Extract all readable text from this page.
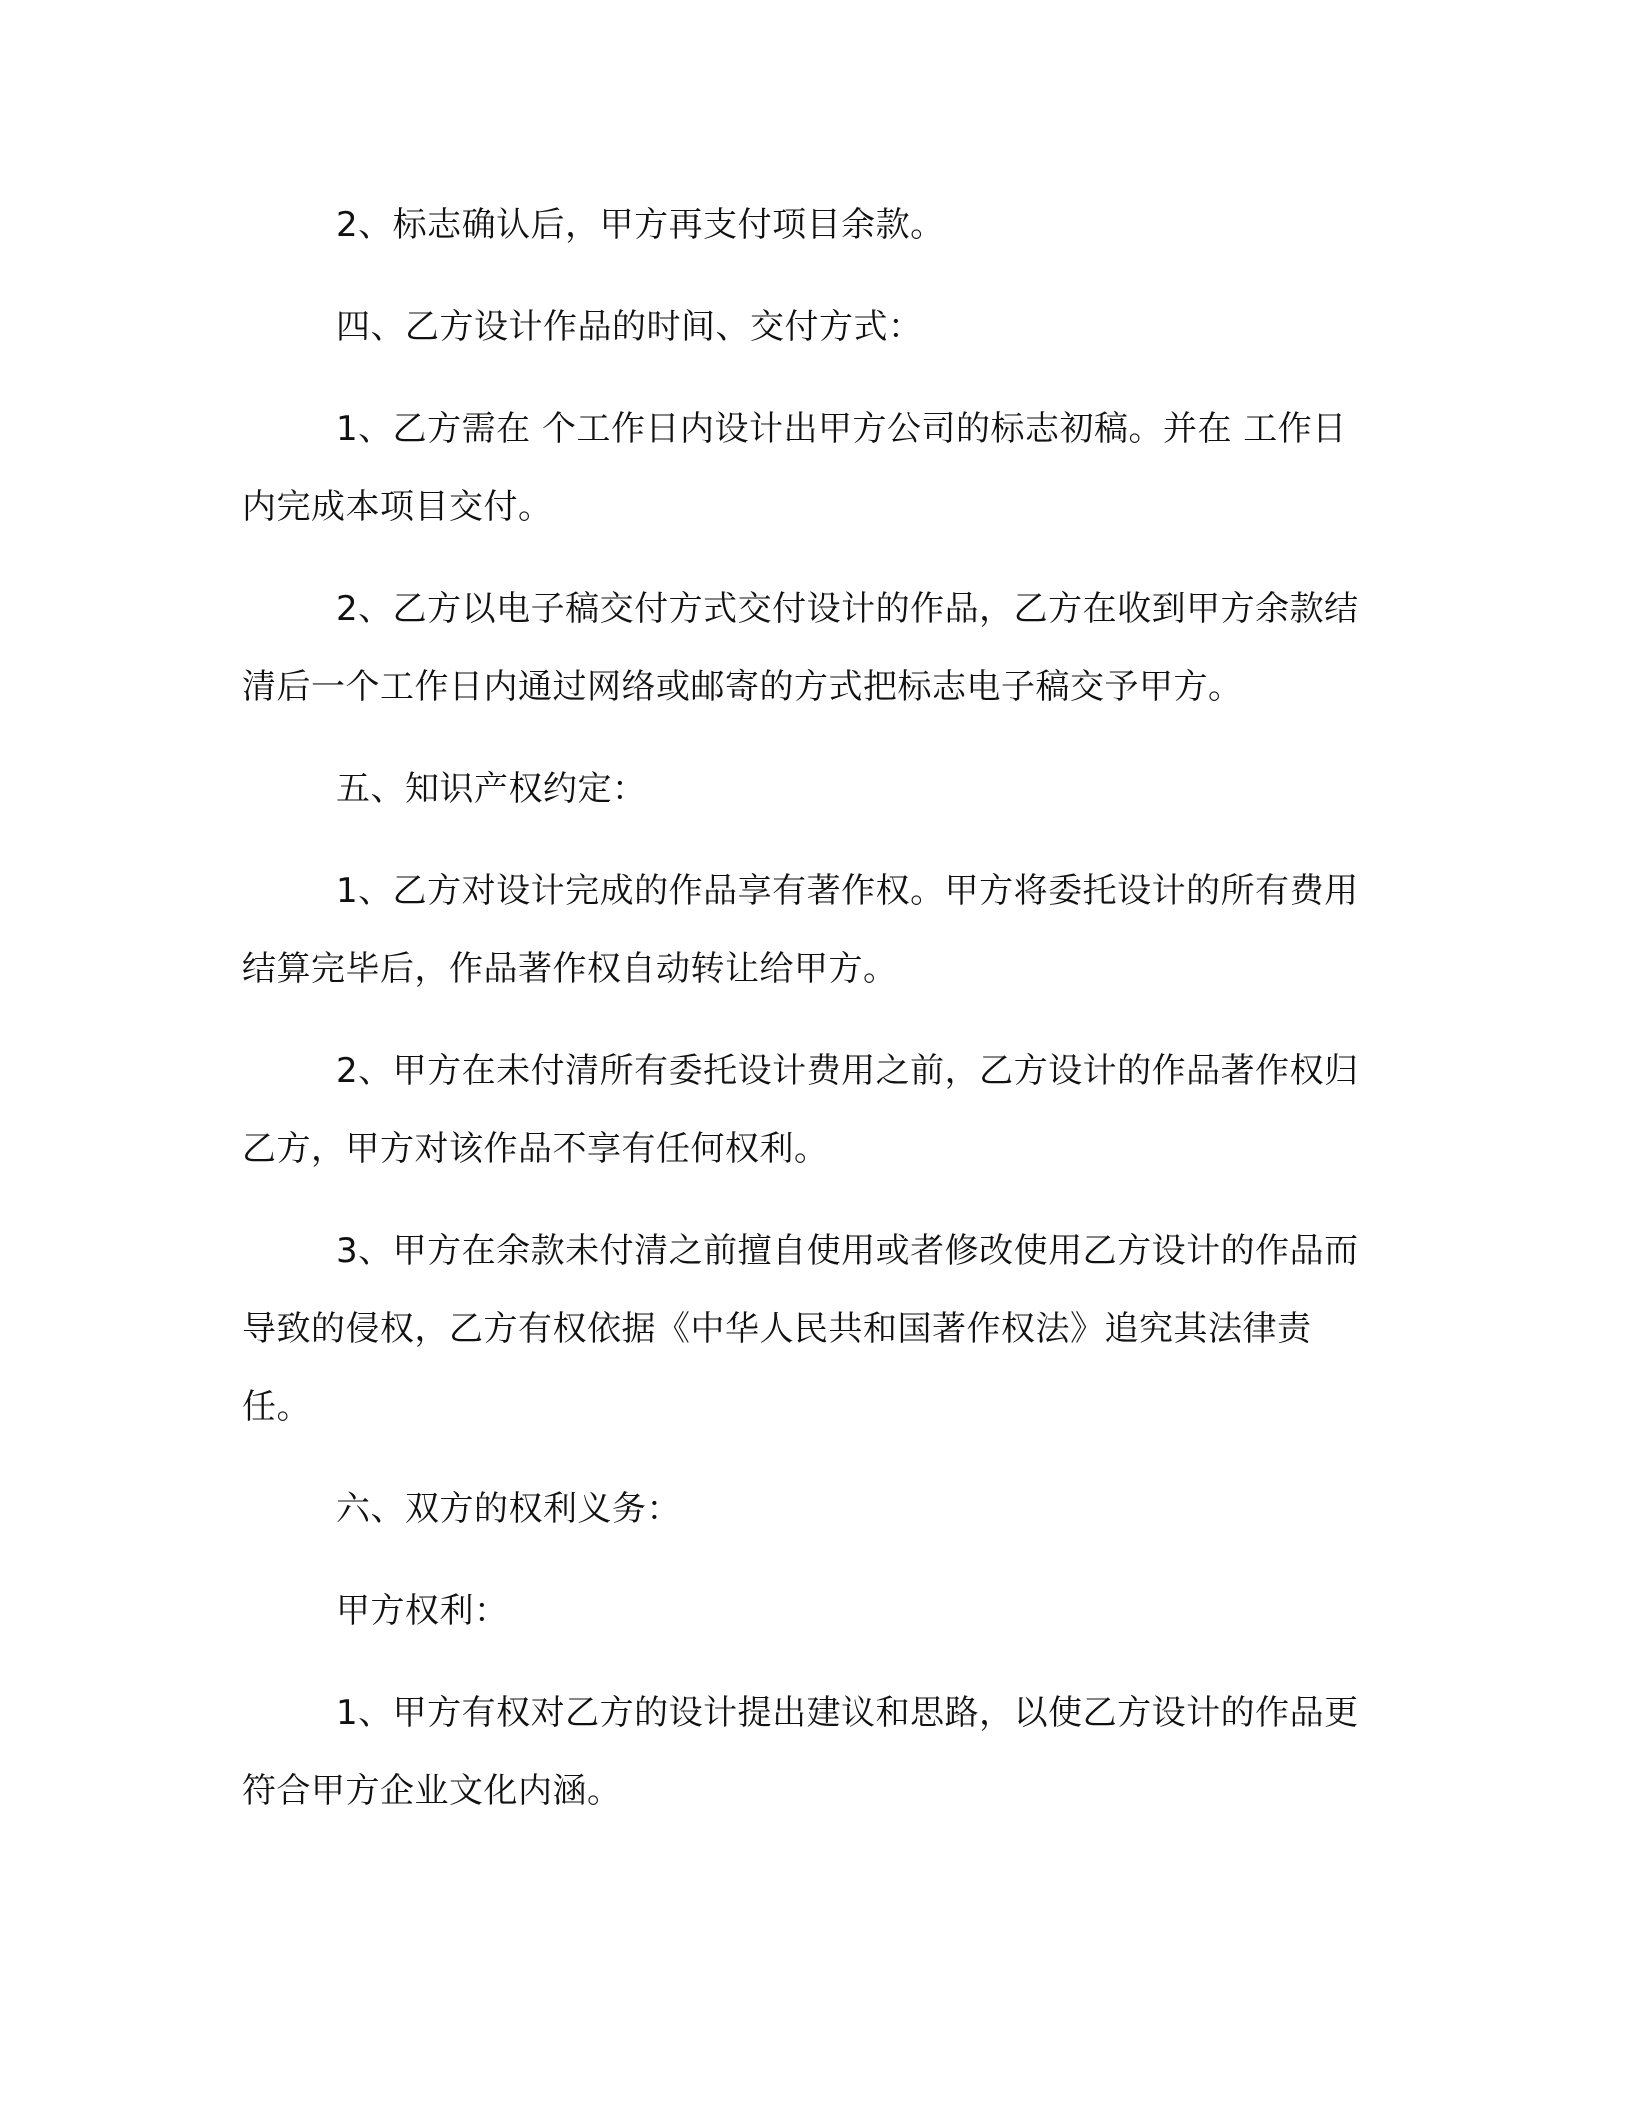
2、标志确认后，甲方再支付项目余款。

四、乙方设计作品的时间、交付方式：

1、乙方需在 个工作日内设计出甲方公司的标志初稿。并在 工作日内完成本项目交付。

2、乙方以电子稿交付方式交付设计的作品，乙方在收到甲方余款结清后一个工作日内通过网络或邮寄的方式把标志电子稿交予甲方。

五、知识产权约定：

1、乙方对设计完成的作品享有著作权。甲方将委托设计的所有费用结算完毕后，作品著作权自动转让给甲方。

2、甲方在未付清所有委托设计费用之前，乙方设计的作品著作权归乙方，甲方对该作品不享有任何权利。

3、甲方在余款未付清之前擅自使用或者修改使用乙方设计的作品而导致的侵权，乙方有权依据《中华人民共和国著作权法》追究其法律责任。

六、双方的权利义务：

甲方权利：

1、甲方有权对乙方的设计提出建议和思路，以使乙方设计的作品更符合甲方企业文化内涵。
